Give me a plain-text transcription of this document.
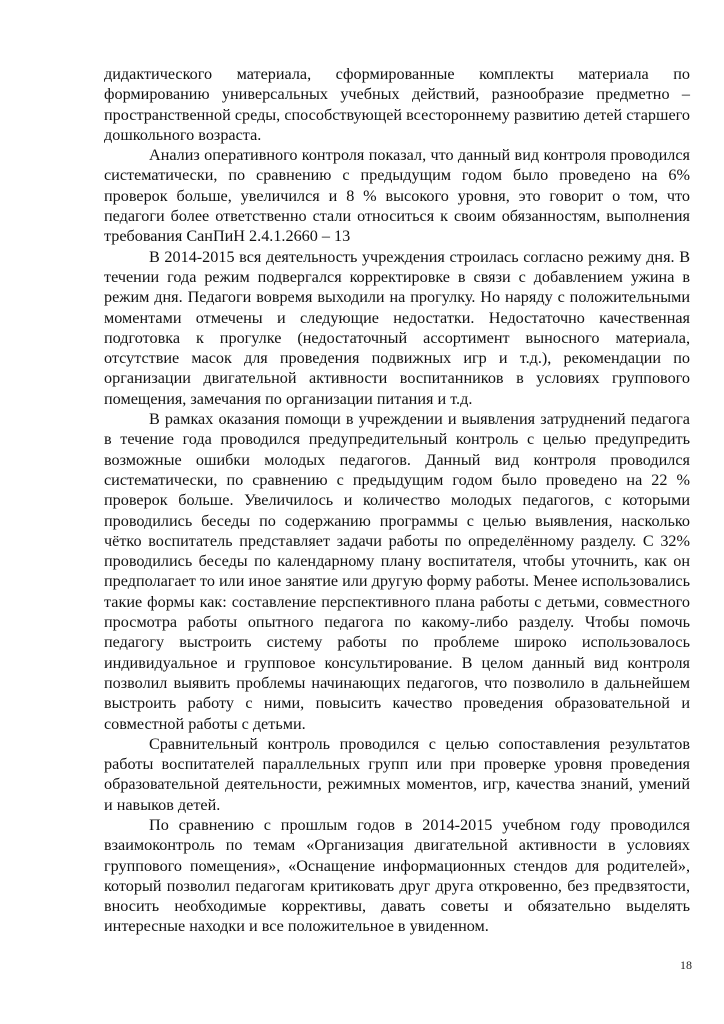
дидактического материала, сформированные комплекты материала по формированию универсальных учебных действий, разнообразие предметно – пространственной среды, способствующей всестороннему развитию детей старшего дошкольного возраста.

Анализ оперативного контроля показал, что данный вид контроля проводился систематически, по сравнению с предыдущим годом было проведено на 6% проверок больше, увеличился и 8 % высокого уровня, это говорит о том, что педагоги более ответственно стали относиться к своим обязанностям, выполнения требования СанПиН 2.4.1.2660 – 13

В 2014-2015 вся деятельность учреждения строилась согласно режиму дня. В течении года режим подвергался корректировке в связи с добавлением ужина в режим дня. Педагоги вовремя выходили на прогулку. Но наряду с положительными моментами отмечены и следующие недостатки. Недостаточно качественная подготовка к прогулке (недостаточный ассортимент выносного материала, отсутствие масок для проведения подвижных игр и т.д.), рекомендации по организации двигательной активности воспитанников в условиях группового помещения, замечания по организации питания и т.д.

В рамках оказания помощи в учреждении и выявления затруднений педагога в течение года проводился предупредительный контроль с целью предупредить возможные ошибки молодых педагогов. Данный вид контроля проводился систематически, по сравнению с предыдущим годом было проведено на 22 % проверок больше. Увеличилось и количество молодых педагогов, с которыми проводились беседы по содержанию программы с целью выявления, насколько чётко воспитатель представляет задачи работы по определённому разделу. С 32% проводились беседы по календарному плану воспитателя, чтобы уточнить, как он предполагает то или иное занятие или другую форму работы. Менее использовались такие формы как: составление перспективного плана работы с детьми, совместного просмотра работы опытного педагога по какому-либо разделу. Чтобы помочь педагогу выстроить систему работы по проблеме широко использовалось индивидуальное и групповое консультирование. В целом данный вид контроля позволил выявить проблемы начинающих педагогов, что позволило в дальнейшем выстроить работу с ними, повысить качество проведения образовательной и совместной работы с детьми.

Сравнительный контроль проводился с целью сопоставления результатов работы воспитателей параллельных групп или при проверке уровня проведения образовательной деятельности, режимных моментов, игр, качества знаний, умений и навыков детей.

По сравнению с прошлым годов в 2014-2015 учебном году проводился взаимоконтроль по темам «Организация двигательной активности в условиях группового помещения», «Оснащение информационных стендов для родителей», который позволил педагогам критиковать друг друга откровенно, без предвзятости, вносить необходимые коррективы, давать советы и обязательно выделять интересные находки и все положительное в увиденном.

18
